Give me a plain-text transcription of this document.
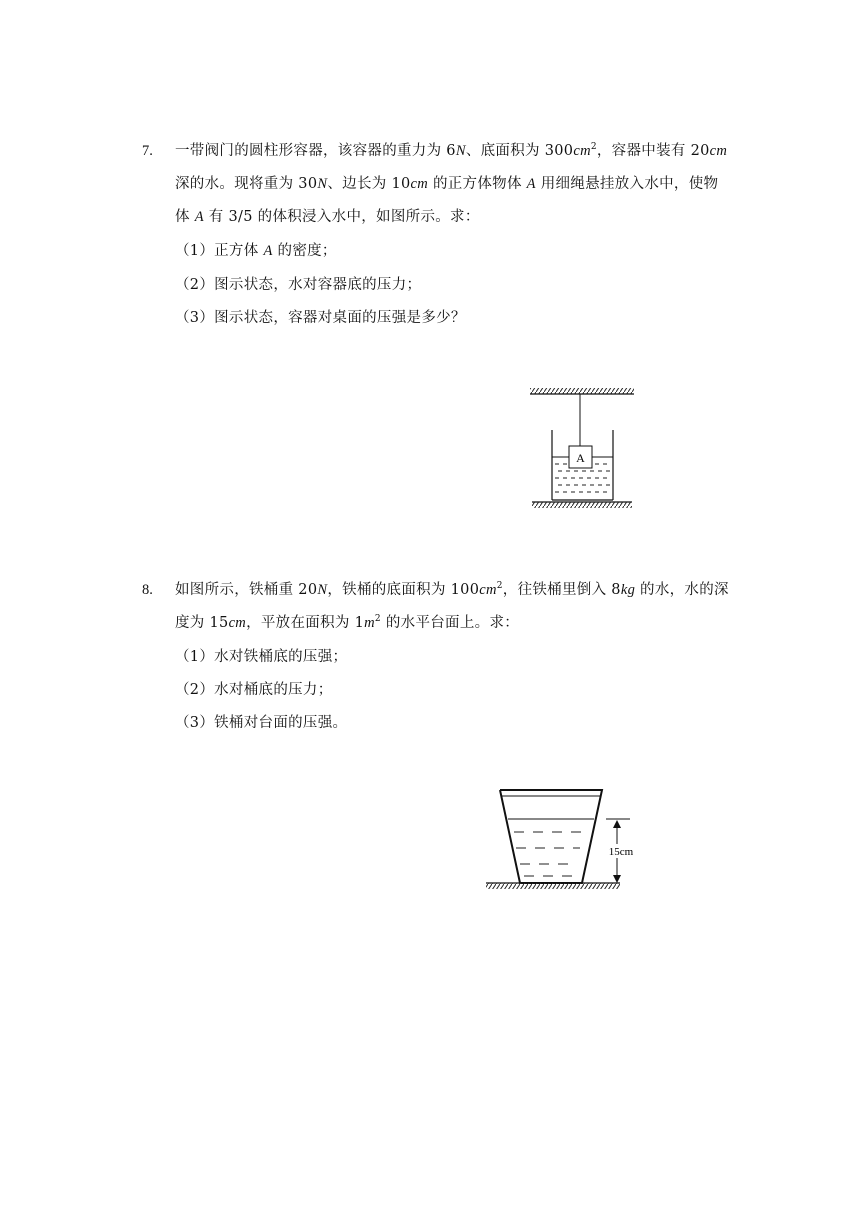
7. 一带阀门的圆柱形容器，该容器的重力为 6N、底面积为 $300cm^2$，容器中装有 20cm
深的水。现将重为 30N、边长为 10cm 的正方体物体 A 用细绳悬挂放入水中，使物
体 A 有 3/5 的体积浸入水中，如图所示。求：
（1）正方体 A 的密度；
（2）图示状态，水对容器底的压力；
（3）图示状态，容器对桌面的压强是多少？
A
8. 如图所示，铁桶重 20N，铁桶的底面积为 $100cm^2$，往铁桶里倒入 8kg 的水，水的深
度为 15cm，平放在面积为 $1m^2$ 的水平台面上。求：
（1）水对铁桶底的压强；
（2）水对桶底的压力；
（3）铁桶对台面的压强。
15cm
